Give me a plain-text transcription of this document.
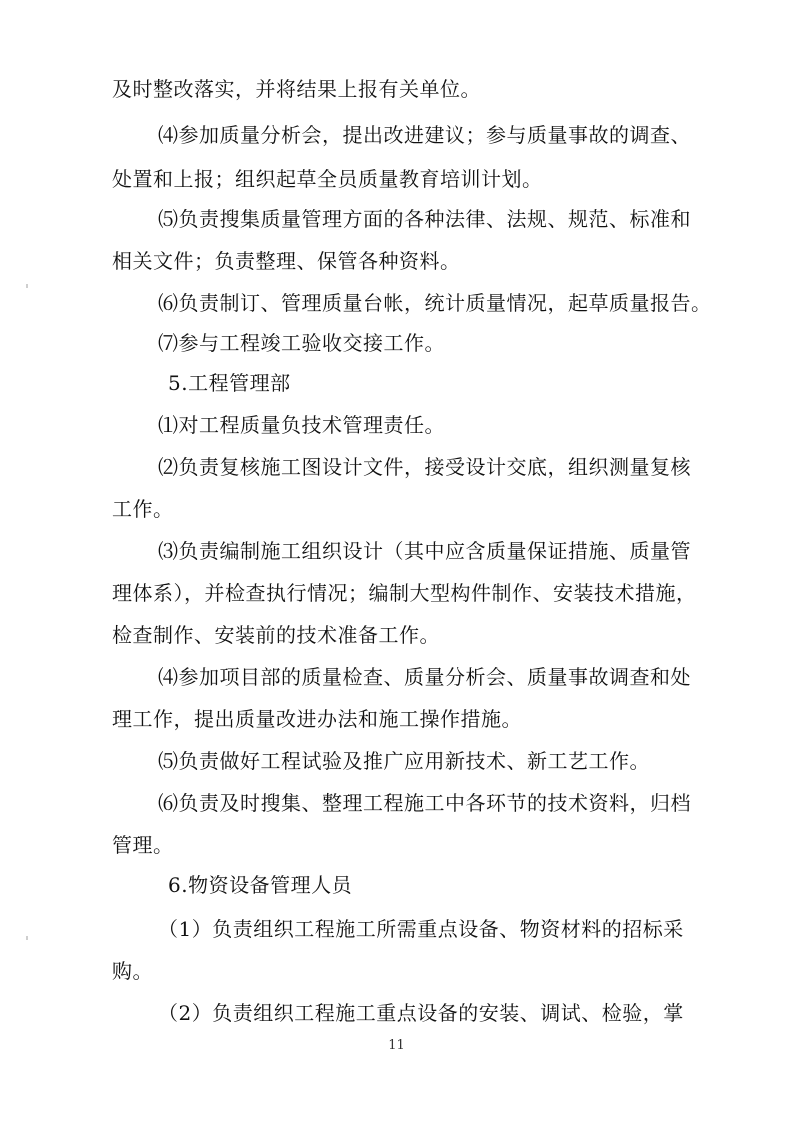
及时整改落实，并将结果上报有关单位。
⑷参加质量分析会，提出改进建议；参与质量事故的调查、
处置和上报；组织起草全员质量教育培训计划。
⑸负责搜集质量管理方面的各种法律、法规、规范、标准和
相关文件；负责整理、保管各种资料。
⑹负责制订、管理质量台帐，统计质量情况，起草质量报告。
⑺参与工程竣工验收交接工作。
5.工程管理部
⑴对工程质量负技术管理责任。
⑵负责复核施工图设计文件，接受设计交底，组织测量复核
工作。
⑶负责编制施工组织设计（其中应含质量保证措施、质量管
理体系），并检查执行情况；编制大型构件制作、安装技术措施，
检查制作、安装前的技术准备工作。
⑷参加项目部的质量检查、质量分析会、质量事故调查和处
理工作，提出质量改进办法和施工操作措施。
⑸负责做好工程试验及推广应用新技术、新工艺工作。
⑹负责及时搜集、整理工程施工中各环节的技术资料，归档
管理。
6.物资设备管理人员
（1）负责组织工程施工所需重点设备、物资材料的招标采
购。
（2）负责组织工程施工重点设备的安装、调试、检验，掌
11
